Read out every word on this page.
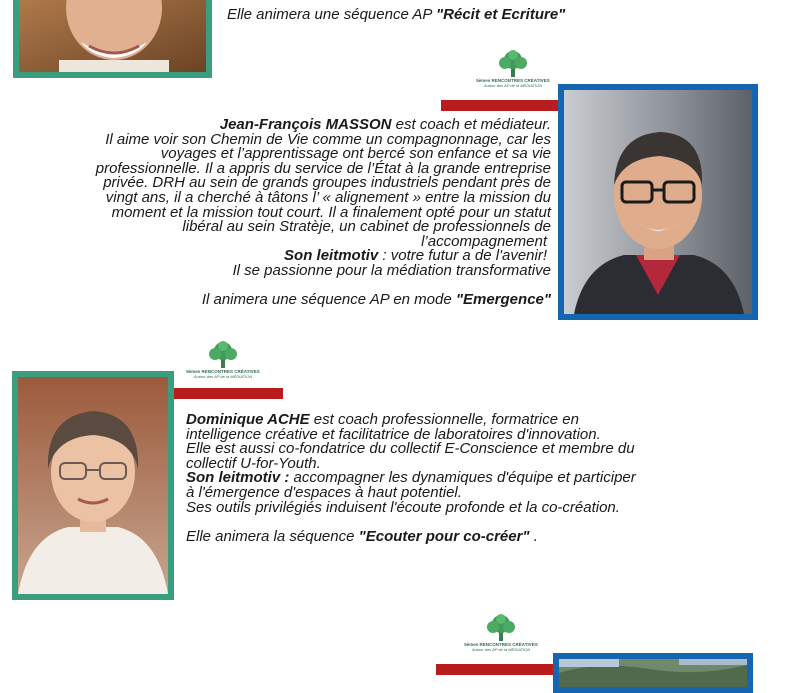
Elle animera une séquence AP "Récit et Ecriture"
5èmes RENCONTRES CRÉATIVES
Autour des AP de la MÉDIATION
Jean-François MASSON est coach et médiateur.
Il aime voir son Chemin de Vie comme un compagnonnage, car les
voyages et l’apprentissage ont bercé son enfance et sa vie
professionnelle. Il a appris du service de l’État à la grande entreprise
privée. DRH au sein de grands groupes industriels pendant près de
vingt ans, il a cherché à tâtons l’ « alignement » entre la mission du
moment et la mission tout court. Il a finalement opté pour un statut
libéral au sein Stratèje, un cabinet de professionnels de
l’accompagnement
Son leitmotiv : votre futur a de l'avenir!
Il se passionne pour la médiation transformative
Il animera une séquence AP en mode "Emergence"
5èmes RENCONTRES CRÉATIVES
Autour des AP de la MÉDIATION
Dominique ACHE est coach professionnelle, formatrice en
intelligence créative et facilitatrice de laboratoires d'innovation.
Elle est aussi co-fondatrice du collectif E-Conscience et membre du
collectif U-for-Youth.
Son leitmotiv : accompagner les dynamiques d'équipe et participer
à l'émergence d'espaces à haut potentiel.
Ses outils privilégiés induisent l'écoute profonde et la co-création.
Elle animera la séquence "Ecouter pour co-créer" .
5èmes RENCONTRES CRÉATIVES
Autour des AP de la MÉDIATION
